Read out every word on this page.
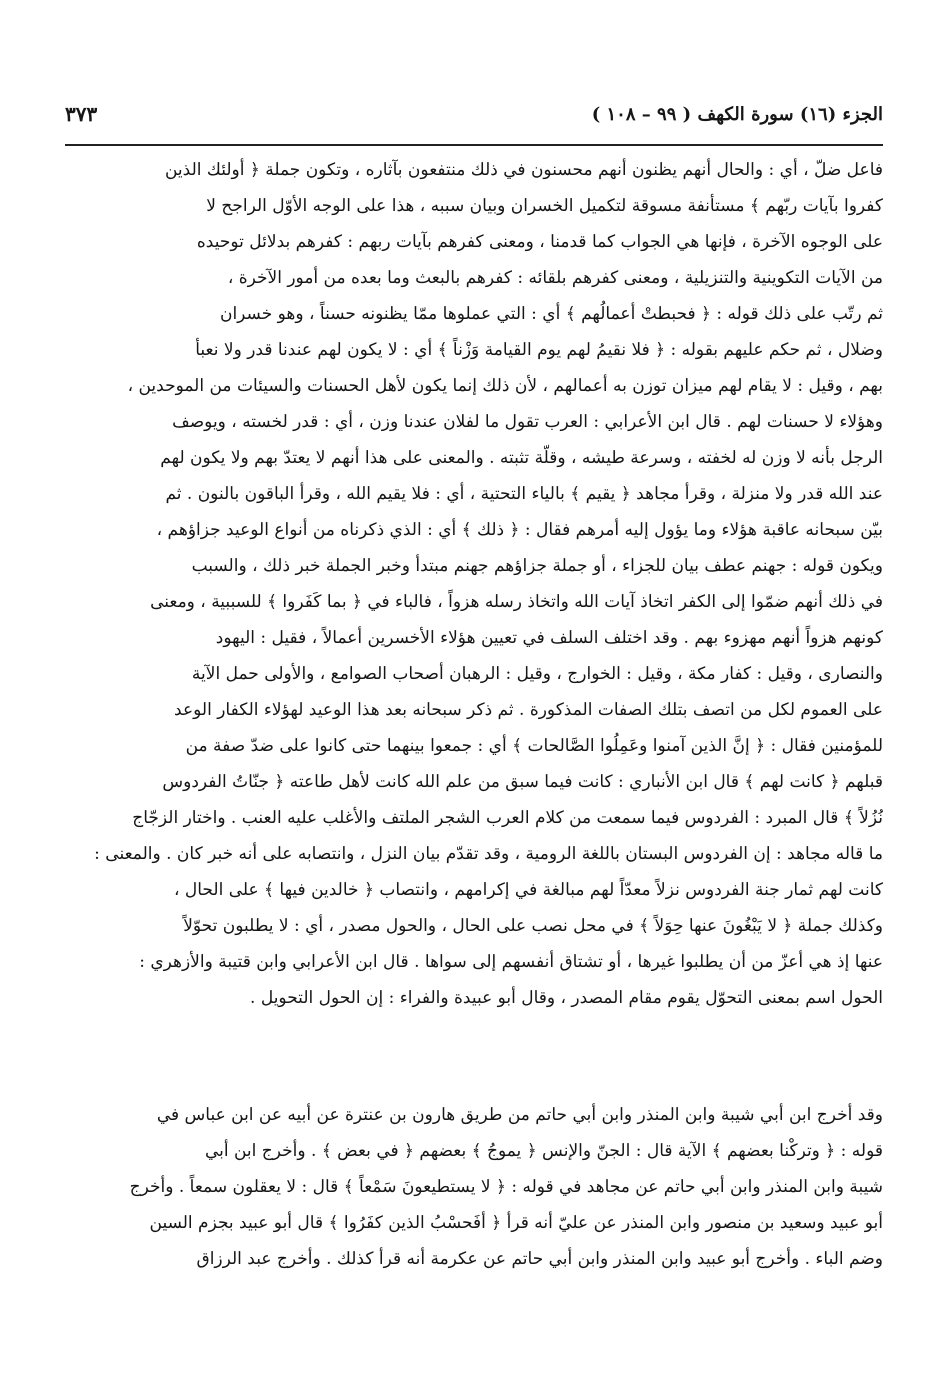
الجزء (١٦) سورة الكهف ( ٩٩ – ١٠٨ )
٣٧٣
فاعل ضلّ ، أي : والحال أنهم يظنون أنهم محسنون في ذلك منتفعون بآثاره ، وتكون جملة ﴿ أولئك الذين
كفروا بآيات ربّهم ﴾ مستأنفة مسوقة لتكميل الخسران وبيان سببه ، هذا على الوجه الأوّل الراجح لا
على الوجوه الآخرة ، فإنها هي الجواب كما قدمنا ، ومعنى كفرهم بآيات ربهم : كفرهم بدلائل توحيده
من الآيات التكوينية والتنزيلية ، ومعنى كفرهم بلقائه : كفرهم بالبعث وما بعده من أمور الآخرة ،
ثم رتّب على ذلك قوله : ﴿ فحبطتْ أعمالُهم ﴾ أي : التي عملوها ممّا يظنونه حسناً ، وهو خسران
وضلال ، ثم حكم عليهم بقوله : ﴿ فلا نقيمُ لهم يوم القيامة وَزْناً ﴾ أي : لا يكون لهم عندنا قدر ولا نعبأ
بهم ، وقيل : لا يقام لهم ميزان توزن به أعمالهم ، لأن ذلك إنما يكون لأهل الحسنات والسيئات من الموحدين ،
وهؤلاء لا حسنات لهم . قال ابن الأعرابي : العرب تقول ما لفلان عندنا وزن ، أي : قدر لخسته ، ويوصف
الرجل بأنه لا وزن له لخفته ، وسرعة طيشه ، وقلّة تثبته . والمعنى على هذا أنهم لا يعتدّ بهم ولا يكون لهم
عند الله قدر ولا منزلة ، وقرأ مجاهد ﴿ يقيم ﴾ بالياء التحتية ، أي : فلا يقيم الله ، وقرأ الباقون بالنون . ثم
بيّن سبحانه عاقبة هؤلاء وما يؤول إليه أمرهم فقال : ﴿ ذلك ﴾ أي : الذي ذكرناه من أنواع الوعيد جزاؤهم ،
ويكون قوله : جهنم عطف بيان للجزاء ، أو جملة جزاؤهم جهنم مبتدأ وخبر الجملة خبر ذلك ، والسبب
في ذلك أنهم ضمّوا إلى الكفر اتخاذ آيات الله واتخاذ رسله هزواً ، فالباء في ﴿ بما كَفَروا ﴾ للسببية ، ومعنى
كونهم هزواً أنهم مهزوء بهم . وقد اختلف السلف في تعيين هؤلاء الأخسرين أعمالاً ، فقيل : اليهود
والنصارى ، وقيل : كفار مكة ، وقيل : الخوارج ، وقيل : الرهبان أصحاب الصوامع ، والأولى حمل الآية
على العموم لكل من اتصف بتلك الصفات المذكورة . ثم ذكر سبحانه بعد هذا الوعيد لهؤلاء الكفار الوعد
للمؤمنين فقال : ﴿ إنَّ الذين آمنوا وعَمِلُوا الصَّالحات ﴾ أي : جمعوا بينهما حتى كانوا على ضدّ صفة من
قبلهم ﴿ كانت لهم ﴾ قال ابن الأنباري : كانت فيما سبق من علم الله كانت لأهل طاعته ﴿ جنّاتُ الفردوس
نُزُلاً ﴾ قال المبرد : الفردوس فيما سمعت من كلام العرب الشجر الملتف والأغلب عليه العنب . واختار الزجّاج
ما قاله مجاهد : إن الفردوس البستان باللغة الرومية ، وقد تقدّم بيان النزل ، وانتصابه على أنه خبر كان . والمعنى :
كانت لهم ثمار جنة الفردوس نزلاً معدّاً لهم مبالغة في إكرامهم ، وانتصاب ﴿ خالدين فيها ﴾ على الحال ،
وكذلك جملة ﴿ لا يَبْغُونَ عنها حِوَلاً ﴾ في محل نصب على الحال ، والحول مصدر ، أي : لا يطلبون تحوّلاً
عنها إذ هي أعزّ من أن يطلبوا غيرها ، أو تشتاق أنفسهم إلى سواها . قال ابن الأعرابي وابن قتيبة والأزهري :
الحول اسم بمعنى التحوّل يقوم مقام المصدر ، وقال أبو عبيدة والفراء : إن الحول التحويل .
وقد أخرج ابن أبي شيبة وابن المنذر وابن أبي حاتم من طريق هارون بن عنترة عن أبيه عن ابن عباس في
قوله : ﴿ وتركْنا بعضهم ﴾ الآية قال : الجنّ والإنس ﴿ يموجُ ﴾ بعضهم ﴿ في بعض ﴾ . وأخرج ابن أبي
شيبة وابن المنذر وابن أبي حاتم عن مجاهد في قوله : ﴿ لا يستطيعونَ سَمْعاً ﴾ قال : لا يعقلون سمعاً . وأخرج
أبو عبيد وسعيد بن منصور وابن المنذر عن عليّ أنه قرأ ﴿ أفَحسْبُ الذين كفَرُوا ﴾ قال أبو عبيد بجزم السين
وضم الباء . وأخرج أبو عبيد وابن المنذر وابن أبي حاتم عن عكرمة أنه قرأ كذلك . وأخرج عبد الرزاق
